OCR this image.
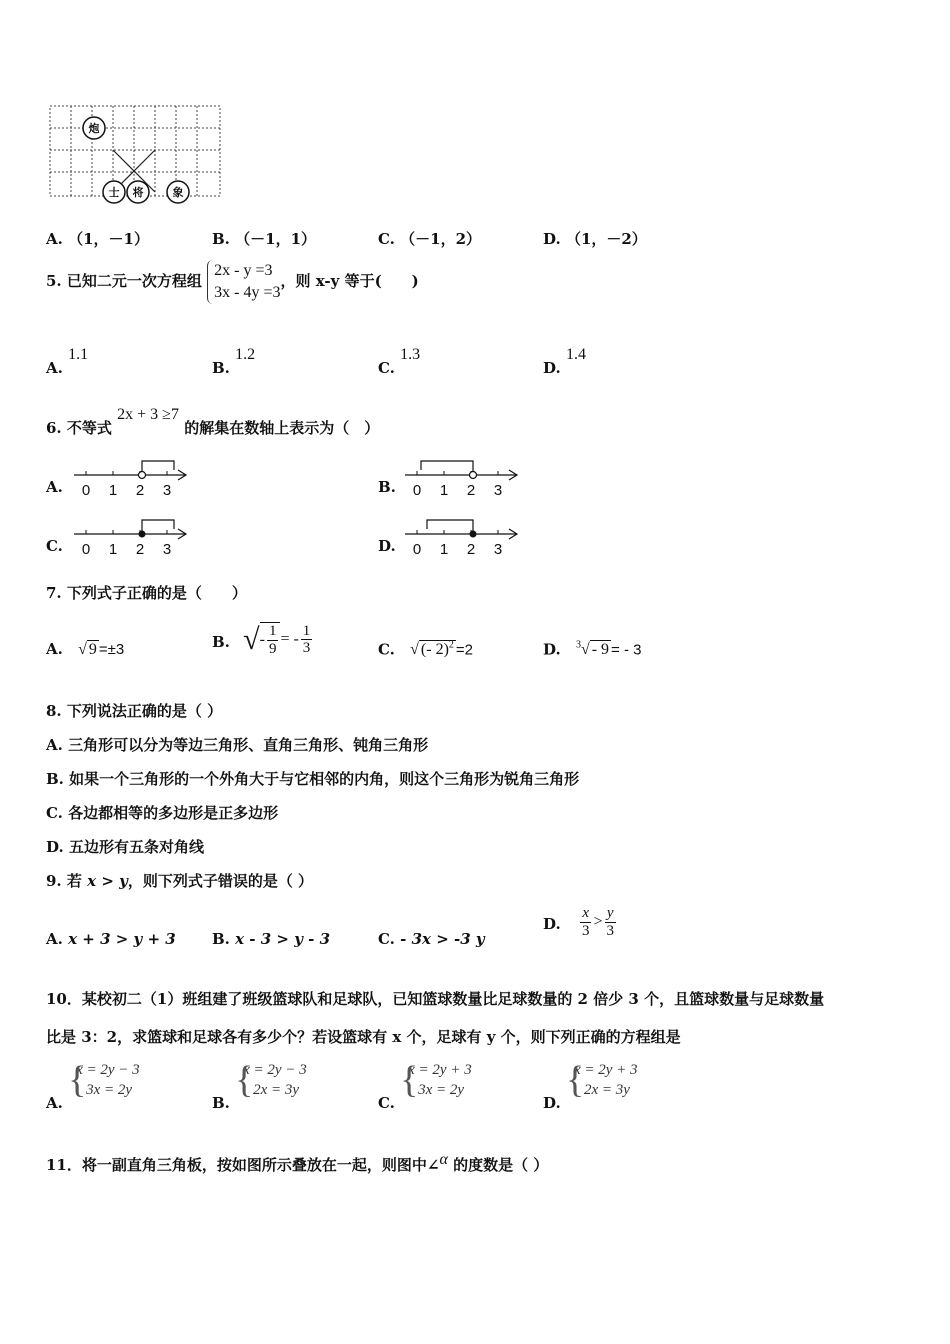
炮
士 将	象
A. （1，－1）	B. （－1，1）	C. （－1，2）	D. （1，－2）
5. 已知二元一次方程组
2x - y =3
3x - 4y =3
，则 x-y 等于(　　)
A. 1.1
B. 1.2
C. 1.3
D. 1.4
6. 不等式 2x + 3 ≥7 的解集在数轴上表示为（　）
A.	B.
C.	D.
0 1 2 3	0 1 2 3
0 1 2 3	0 1 2 3
7. 下列式子正确的是（　　）
A. √ 9 =±3	B. √- $\frac{1}{9}$ = - $\frac{1}{3}$	C. √ (- 2)$^2$ =2	D. $^3$√ - 9 = - 3
8. 下列说法正确的是（ ）
A. 三角形可以分为等边三角形、直角三角形、钝角三角形
B. 如果一个三角形的一个外角大于与它相邻的内角，则这个三角形为锐角三角形
C. 各边都相等的多边形是正多边形
D. 五边形有五条对角线
9. 若 x > y，则下列式子错误的是（ ）
A. x + 3 > y + 3 B. x - 3 > y - 3	C. - 3x > -3 y
D. $\frac{x}{3} > \frac{y}{3}$
10．某校初二（1）班组建了班级篮球队和足球队，已知篮球数量比足球数量的 2 倍少 3 个，且篮球数量与足球数量
比是 3：2，求篮球和足球各有多少个？若设篮球有 x 个，足球有 y 个，则下列正确的方程组是
A.
{
x = 2y − 3
3x = 2y
B.
{
x = 2y − 3
2x = 3y
C.
{
x = 2y + 3
3x = 2y
D.
{
x = 2y + 3
2x = 3y
11．将一副直角三角板，按如图所示叠放在一起，则图中∠α 的度数是（ ）
